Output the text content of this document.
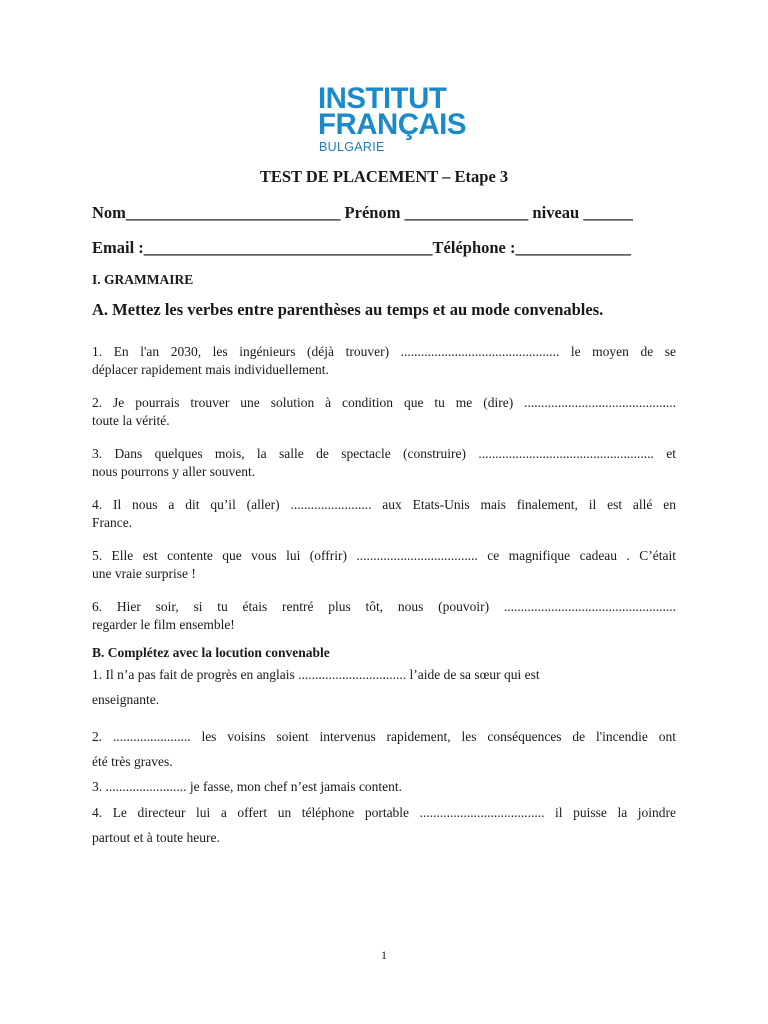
INSTITUT
FRANÇAIS
BULGARIE
TEST DE PLACEMENT – Etape 3
Nom__________________________ Prénom _______________ niveau ______
Email :___________________________________Téléphone :______________
I. GRAMMAIRE
A. Mettez les verbes entre parenthèses au temps et au mode convenables.
1. En l'an 2030, les ingénieurs (déjà trouver) ............................................... le moyen de se
déplacer rapidement mais individuellement.
2. Je pourrais trouver une solution à condition que tu me (dire) .............................................
toute la vérité.
3. Dans quelques mois, la salle de spectacle (construire) .................................................... et
nous pourrons y aller souvent.
4. Il nous a dit qu’il (aller) ........................ aux Etats-Unis mais finalement, il est allé en
France.
5. Elle est contente que vous lui (offrir) .................................... ce magnifique cadeau . C’était
une vraie surprise !
6. Hier soir, si tu étais rentré plus tôt, nous (pouvoir) ...................................................
regarder le film ensemble!
B. Complétez avec la locution convenable
1. Il n’a pas fait de progrès en anglais ................................ l’aide de sa sœur qui est
enseignante.
2. ....................... les voisins soient intervenus rapidement, les conséquences de l'incendie ont
été très graves.
3. ........................ je fasse, mon chef n’est jamais content.
4. Le directeur lui a offert un téléphone portable ..................................... il puisse la joindre
partout et à toute heure.
1
